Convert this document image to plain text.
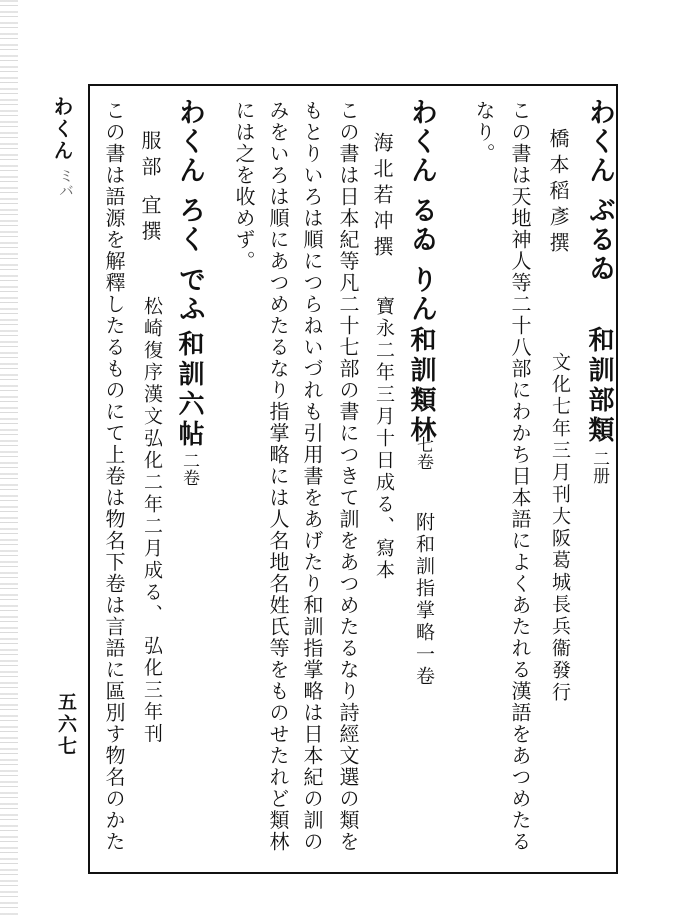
わくん
ミバ
五六七
わくん ぶるゐ
橋本稻彥撰
和訓部類
二册
文化七年三月刊大阪葛城長兵衞發行
この書は天地神人等二十八部にわかち日本語によくあたれる漢語をあつめたる
なり。
わくん るゐ りん
海北若冲撰
和訓類林
七卷
附和訓指掌略一卷
寶永二年三月十日成る、寫本
この書は日本紀等凡二十七部の書につきて訓をあつめたるなり詩經文選の類を
もとりいろは順につらねいづれも引用書をあげたり和訓指掌略は日本紀の訓の
みをいろは順にあつめたるなり指掌略には人名地名姓氏等をものせたれど類林
には之を收めず。
わくん ろく でふ
服部 宜撰
和訓六帖
二卷
松崎復序漢文弘化二年二月成る、 弘化三年刊
この書は語源を解釋したるものにて上卷は物名下卷は言語に區別す物名のかた
